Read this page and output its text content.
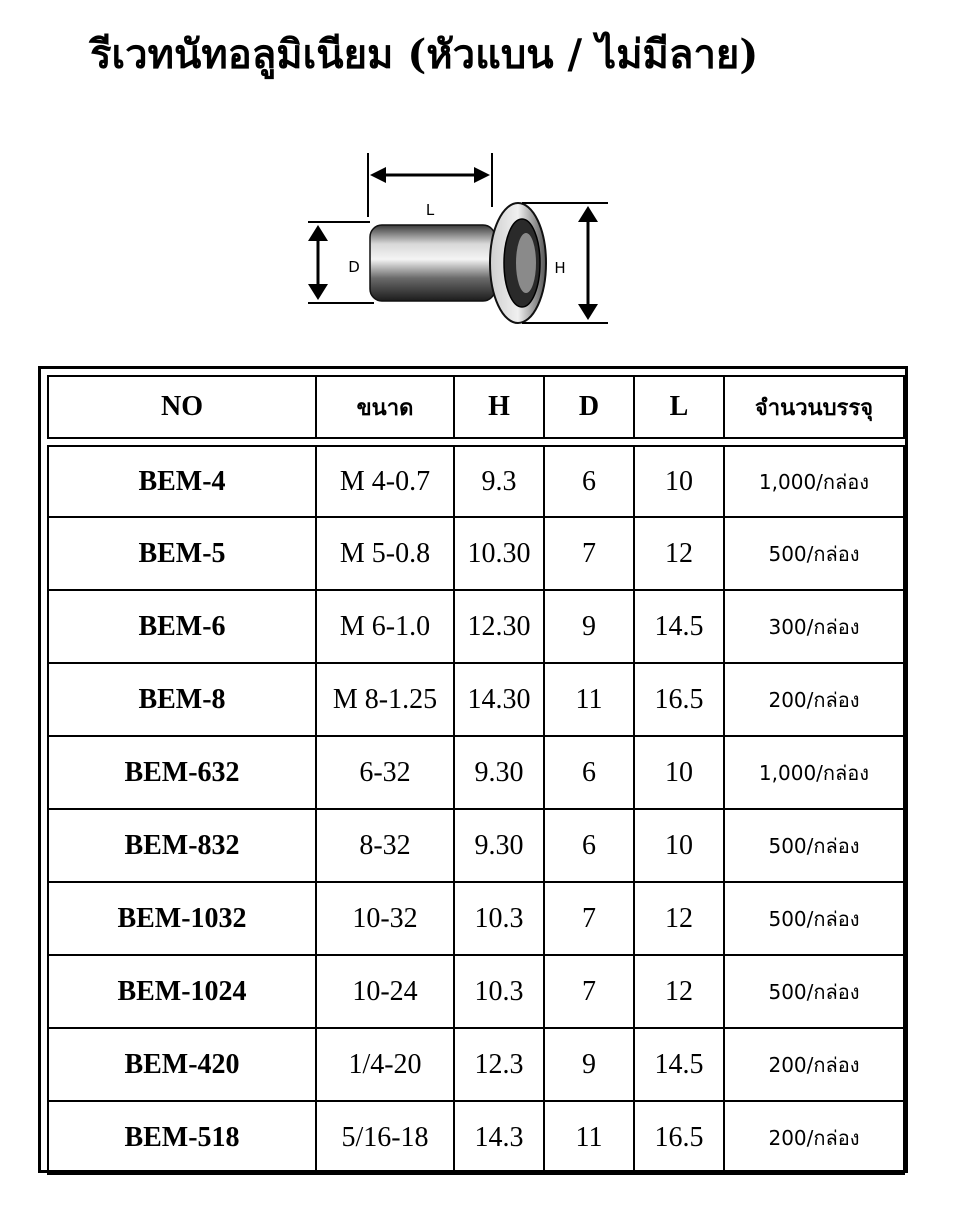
รีเวทนัทอลูมิเนียม (หัวแบน / ไม่มีลาย)
L
D	H
NO	ขนาด	H	D	L	จำนวนบรรจุ
BEM-4	M 4-0.7	9.3	6	10	1,000/กล่อง
BEM-5	M 5-0.8	10.30	7	12	500/กล่อง
BEM-6	M 6-1.0	12.30	9	14.5	300/กล่อง
BEM-8	M 8-1.25	14.30	11	16.5	200/กล่อง
BEM-632	6-32	9.30	6	10	1,000/กล่อง
BEM-832	8-32	9.30	6	10	500/กล่อง
BEM-1032	10-32	10.3	7	12	500/กล่อง
BEM-1024	10-24	10.3	7	12	500/กล่อง
BEM-420	1/4-20	12.3	9	14.5	200/กล่อง
BEM-518	5/16-18	14.3	11	16.5	200/กล่อง
